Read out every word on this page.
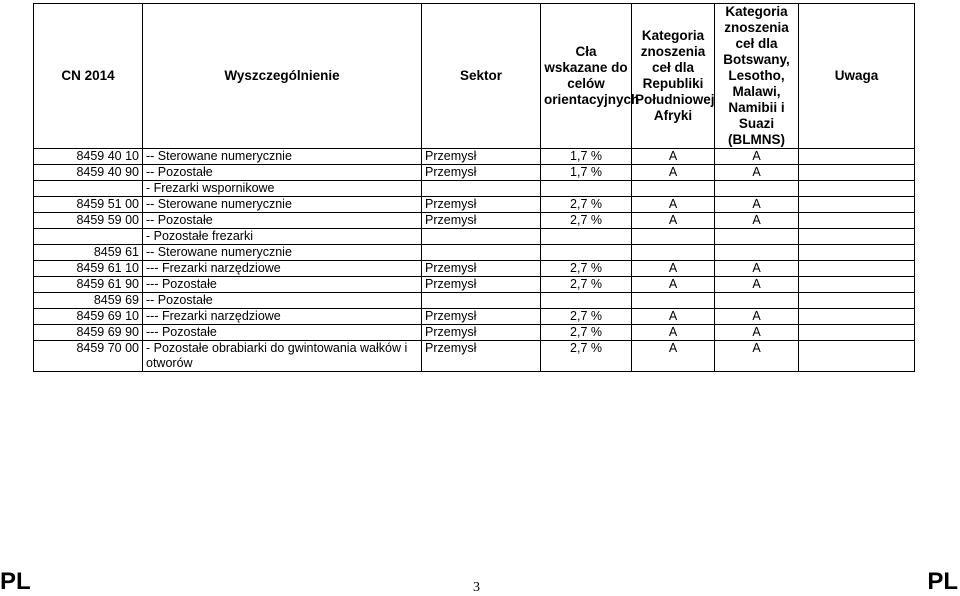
CN 2014	Wyszczególnienie	Sektor	Cła wskazane do celów orientacyjnych	Kategoria znoszenia ceł dla Republiki Południowej Afryki	Kategoria znoszenia ceł dla Botswany, Lesotho, Malawi, Namibii i Suazi (BLMNS)	Uwaga
8459 40 10	-- Sterowane numerycznie	Przemysł	1,7 %	A	A	
8459 40 90	-- Pozostałe	Przemysł	1,7 %	A	A	
	- Frezarki wspornikowe					
8459 51 00	-- Sterowane numerycznie	Przemysł	2,7 %	A	A	
8459 59 00	-- Pozostałe	Przemysł	2,7 %	A	A	
	- Pozostałe frezarki					
8459 61	-- Sterowane numerycznie					
8459 61 10	--- Frezarki narzędziowe	Przemysł	2,7 %	A	A	
8459 61 90	--- Pozostałe	Przemysł	2,7 %	A	A	
8459 69	-- Pozostałe					
8459 69 10	--- Frezarki narzędziowe	Przemysł	2,7 %	A	A	
8459 69 90	--- Pozostałe	Przemysł	2,7 %	A	A	
8459 70 00	- Pozostałe obrabiarki do gwintowania wałków i otworów	Przemysł	2,7 %	A	A	
PL	3	PL
